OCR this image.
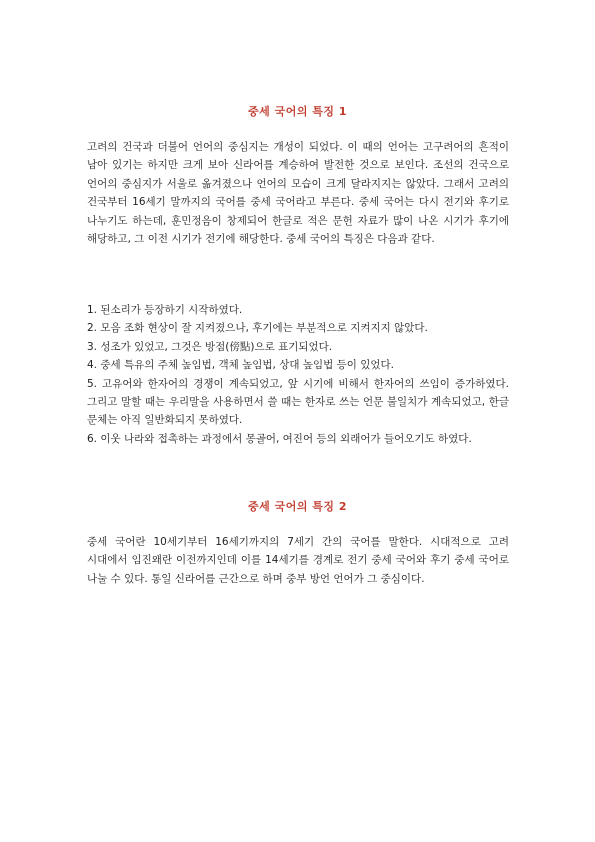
중세 국어의 특징 1
고려의 건국과 더불어 언어의 중심지는 개성이 되었다. 이 때의 언어는 고구려어의 흔적이 남아 있기는 하지만 크게 보아 신라어를 계승하여 발전한 것으로 보인다. 조선의 건국으로 언어의 중심지가 서울로 옮겨졌으나 언어의 모습이 크게 달라지지는 않았다. 그래서 고려의 건국부터 16세기 말까지의 국어를 중세 국어라고 부른다. 중세 국어는 다시 전기와 후기로 나누기도 하는데, 훈민정음이 창제되어 한글로 적은 문헌 자료가 많이 나온 시기가 후기에 해당하고, 그 이전 시기가 전기에 해당한다. 중세 국어의 특징은 다음과 같다.
1. 된소리가 등장하기 시작하였다.
2. 모음 조화 현상이 잘 지켜졌으나, 후기에는 부분적으로 지켜지지 않았다.
3. 성조가 있었고, 그것은 방점(傍點)으로 표기되었다.
4. 중세 특유의 주체 높임법, 객체 높임법, 상대 높임법 등이 있었다.
5. 고유어와 한자어의 경쟁이 계속되었고, 앞 시기에 비해서 한자어의 쓰임이 증가하였다. 그리고 말할 때는 우리말을 사용하면서 쓸 때는 한자로 쓰는 언문 불일치가 계속되었고, 한글 문체는 아직 일반화되지 못하였다.
6. 이웃 나라와 접촉하는 과정에서 몽골어, 여진어 등의 외래어가 들어오기도 하였다.
중세 국어의 특징 2
중세 국어란 10세기부터 16세기까지의 7세기 간의 국어를 말한다. 시대적으로 고려 시대에서 임진왜란 이전까지인데 이를 14세기를 경계로 전기 중세 국어와 후기 중세 국어로 나눌 수 있다. 통일 신라어를 근간으로 하며 중부 방언 언어가 그 중심이다.
